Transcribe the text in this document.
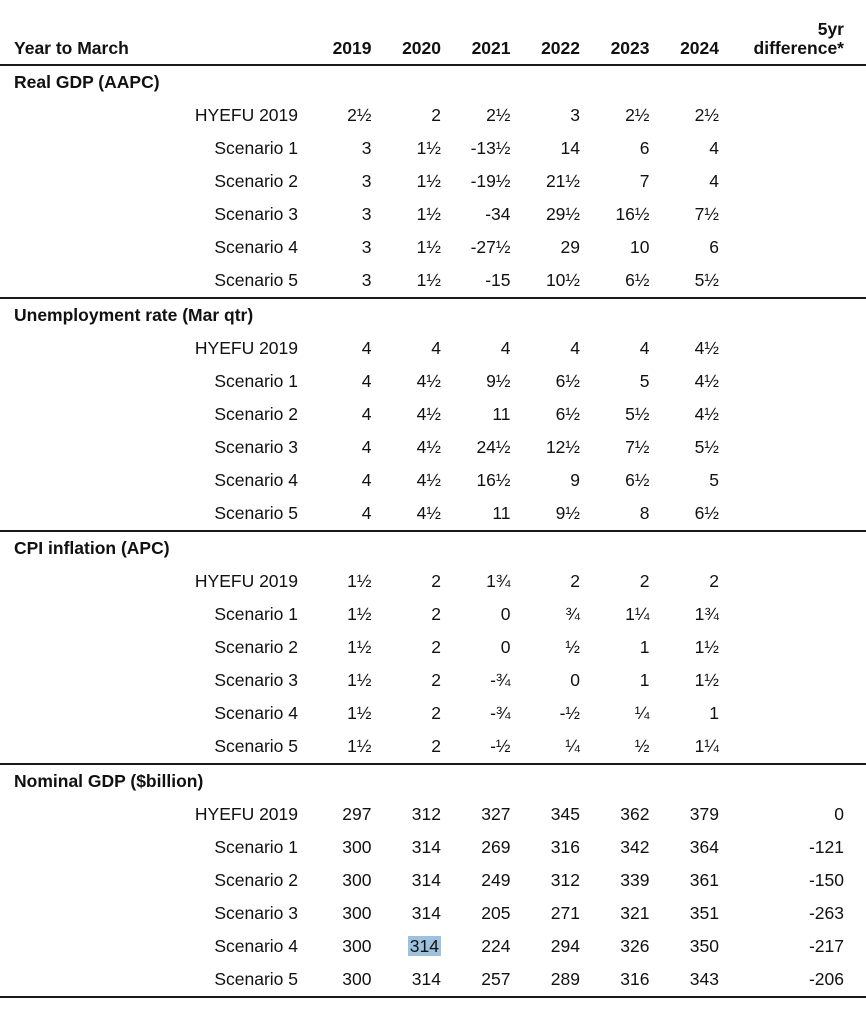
Year to March	2019	2020	2021	2022	2023	2024	5yr
difference*
Real GDP (AAPC)							
HYEFU 2019	2½	2	2½	3	2½	2½	
Scenario 1	3	1½	-13½	14	6	4	
Scenario 2	3	1½	-19½	21½	7	4	
Scenario 3	3	1½	-34	29½	16½	7½	
Scenario 4	3	1½	-27½	29	10	6	
Scenario 5	3	1½	-15	10½	6½	5½	
Unemployment rate (Mar qtr)							
HYEFU 2019	4	4	4	4	4	4½	
Scenario 1	4	4½	9½	6½	5	4½	
Scenario 2	4	4½	11	6½	5½	4½	
Scenario 3	4	4½	24½	12½	7½	5½	
Scenario 4	4	4½	16½	9	6½	5	
Scenario 5	4	4½	11	9½	8	6½	
CPI inflation (APC)							
HYEFU 2019	1½	2	1¾	2	2	2	
Scenario 1	1½	2	0	¾	1¼	1¾	
Scenario 2	1½	2	0	½	1	1½	
Scenario 3	1½	2	-¾	0	1	1½	
Scenario 4	1½	2	-¾	-½	¼	1	
Scenario 5	1½	2	-½	¼	½	1¼	
Nominal GDP ($billion)							
HYEFU 2019	297	312	327	345	362	379	0
Scenario 1	300	314	269	316	342	364	-121
Scenario 2	300	314	249	312	339	361	-150
Scenario 3	300	314	205	271	321	351	-263
Scenario 4	300	314	224	294	326	350	-217
Scenario 5	300	314	257	289	316	343	-206
